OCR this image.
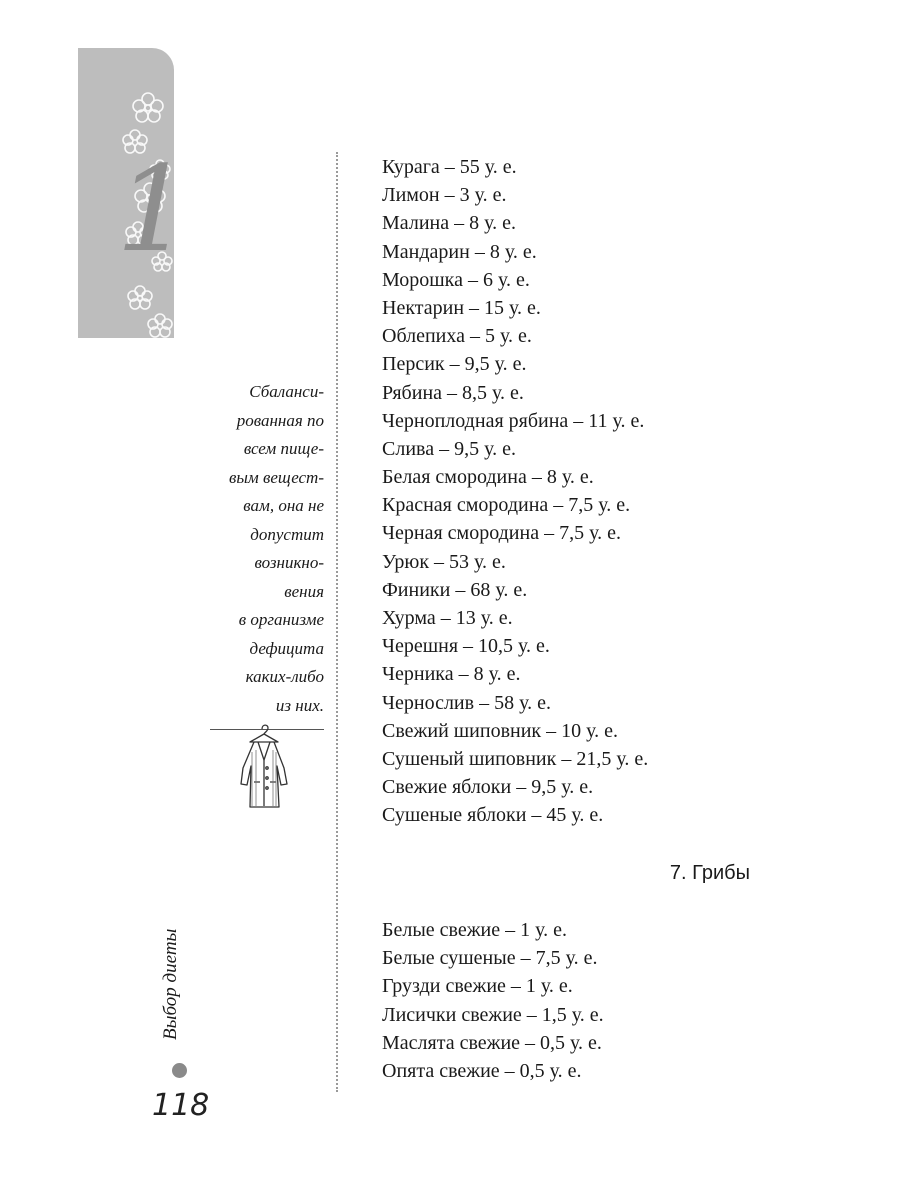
1
Сбаланси-
рованная по
всем пище-
вым вещест-
вам, она не
допустит
возникно-
вения
в организме
дефицита
каких-либо
из них.
Курага – 55 у. е.
Лимон – 3 у. е.
Малина – 8 у. е.
Мандарин – 8 у. е.
Морошка – 6 у. е.
Нектарин – 15 у. е.
Облепиха – 5 у. е.
Персик – 9,5 у. е.
Рябина – 8,5 у. е.
Черноплодная рябина – 11 у. е.
Слива – 9,5 у. е.
Белая смородина – 8 у. е.
Красная смородина – 7,5 у. е.
Черная смородина – 7,5 у. е.
Урюк – 53 у. е.
Финики – 68 у. е.
Хурма – 13 у. е.
Черешня – 10,5 у. е.
Черника – 8 у. е.
Чернослив – 58 у. е.
Свежий шиповник – 10 у. е.
Сушеный шиповник – 21,5 у. е.
Свежие яблоки – 9,5 у. е.
Сушеные яблоки – 45 у. е.
7. Грибы
Белые свежие – 1 у. е.
Белые сушеные – 7,5 у. е.
Грузди свежие – 1 у. е.
Лисички свежие – 1,5 у. е.
Маслята свежие – 0,5 у. е.
Опята свежие – 0,5 у. е.
Выбор диеты
118
